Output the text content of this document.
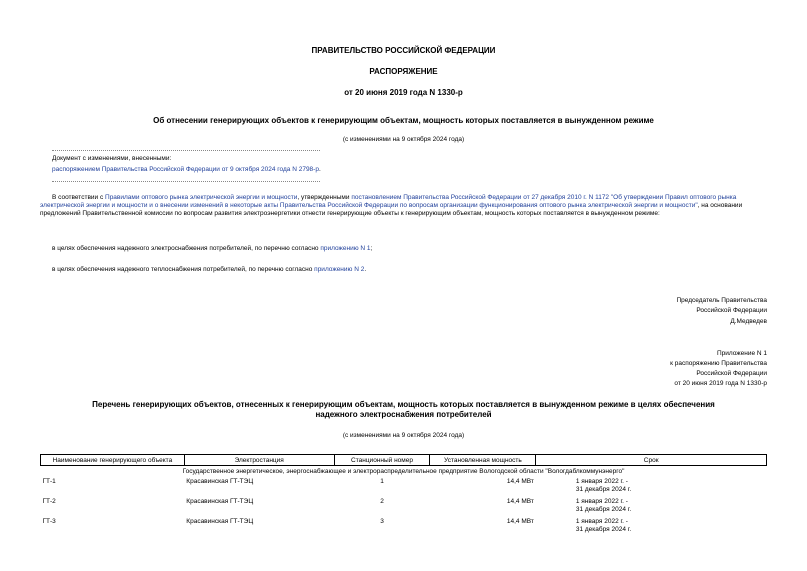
ПРАВИТЕЛЬСТВО РОССИЙСКОЙ ФЕДЕРАЦИИ
РАСПОРЯЖЕНИЕ
от 20 июня 2019 года N 1330-р
Об отнесении генерирующих объектов к генерирующим объектам, мощность которых поставляется в вынужденном режиме
(с изменениями на 9 октября 2024 года)
Документ с изменениями, внесенными:
распоряжением Правительства Российской Федерации от 9 октября 2024 года N 2798-р.
В соответствии с Правилами оптового рынка электрической энергии и мощности, утвержденными постановлением Правительства Российской Федерации от 27 декабря 2010 г. N 1172 "Об утверждении Правил оптового рынка электрической энергии и мощности и о внесении изменений в некоторые акты Правительства Российской Федерации по вопросам организации функционирования оптового рынка электрической энергии и мощности", на основании предложений Правительственной комиссии по вопросам развития электроэнергетики отнести генерирующие объекты к генерирующим объектам, мощность которых поставляется в вынужденном режиме:
в целях обеспечения надежного электроснабжения потребителей, по перечню согласно приложению N 1;
в целях обеспечения надежного теплоснабжения потребителей, по перечню согласно приложению N 2.
Председатель Правительства
Российской Федерации
Д.Медведев
Приложение N 1
к распоряжению Правительства
Российской Федерации
от 20 июня 2019 года N 1330-р
Перечень генерирующих объектов, отнесенных к генерирующим объектам, мощность которых поставляется в вынужденном режиме в целях обеспечения
надежного электроснабжения потребителей
(с изменениями на 9 октября 2024 года)
Наименование генерирующего объекта	Электростанция	Станционный номер	Установленная мощность	Срок
Государственное энергетическое, энергоснабжающее и электрораспределительное предприятие Вологодской области "Вологдаблкоммунэнерго"				
ГТ-1	Красавинская ГТ-ТЭЦ	1	14,4 МВт	1 января 2022 г. -
31 декабря 2024 г.

ГТ-2	Красавинская ГТ-ТЭЦ	2	14,4 МВт	1 января 2022 г. -
31 декабря 2024 г.

ГТ-3	Красавинская ГТ-ТЭЦ	3	14,4 МВт	1 января 2022 г. -
31 декабря 2024 г.
